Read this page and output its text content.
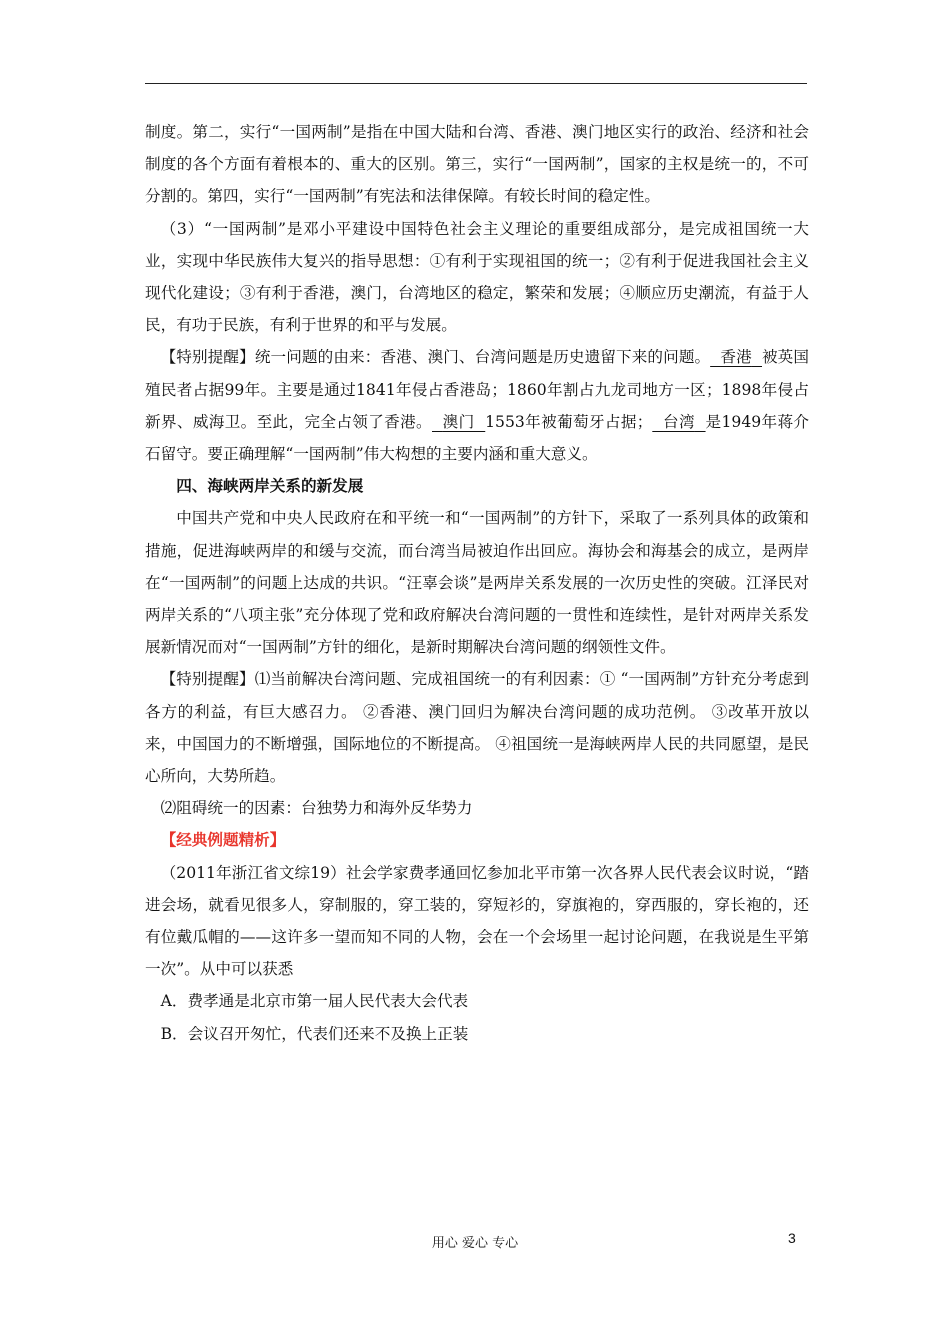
制度。第二，实行“一国两制”是指在中国大陆和台湾、香港、澳门地区实行的政治、经济和社会制度的各个方面有着根本的、重大的区别。第三，实行“一国两制”，国家的主权是统一的，不可分割的。第四，实行“一国两制”有宪法和法律保障。有较长时间的稳定性。

（3）“一国两制”是邓小平建设中国特色社会主义理论的重要组成部分，是完成祖国统一大业，实现中华民族伟大复兴的指导思想：①有利于实现祖国的统一；②有利于促进我国社会主义现代化建设；③有利于香港，澳门，台湾地区的稳定，繁荣和发展；④顺应历史潮流，有益于人民，有功于民族，有利于世界的和平与发展。

【特别提醒】统一问题的由来：香港、澳门、台湾问题是历史遗留下来的问题。 香港 被英国殖民者占据99年。主要是通过1841年侵占香港岛；1860年割占九龙司地方一区；1898年侵占新界、威海卫。至此，完全占领了香港。 澳门 1553年被葡萄牙占据； 台湾 是1949年蒋介石留守。要正确理解“一国两制”伟大构想的主要内涵和重大意义。

四、海峡两岸关系的新发展

中国共产党和中央人民政府在和平统一和“一国两制”的方针下，采取了一系列具体的政策和措施，促进海峡两岸的和缓与交流，而台湾当局被迫作出回应。海协会和海基会的成立，是两岸在“一国两制”的问题上达成的共识。“汪辜会谈”是两岸关系发展的一次历史性的突破。江泽民对两岸关系的“八项主张”充分体现了党和政府解决台湾问题的一贯性和连续性，是针对两岸关系发展新情况而对“一国两制”方针的细化，是新时期解决台湾问题的纲领性文件。

【特别提醒】⑴当前解决台湾问题、完成祖国统一的有利因素：① “一国两制”方针充分考虑到各方的利益，有巨大感召力。 ②香港、澳门回归为解决台湾问题的成功范例。 ③改革开放以来，中国国力的不断增强，国际地位的不断提高。 ④祖国统一是海峡两岸人民的共同愿望，是民心所向，大势所趋。

⑵阻碍统一的因素：台独势力和海外反华势力

【经典例题精析】

（2011年浙江省文综19）社会学家费孝通回忆参加北平市第一次各界人民代表会议时说，“踏进会场，就看见很多人，穿制服的，穿工装的，穿短衫的，穿旗袍的，穿西服的，穿长袍的，还有位戴瓜帽的——这许多一望而知不同的人物，会在一个会场里一起讨论问题，在我说是生平第一次”。从中可以获悉

A．费孝通是北京市第一届人民代表大会代表

B．会议召开匆忙，代表们还来不及换上正装

用心 爱心 专心	3
